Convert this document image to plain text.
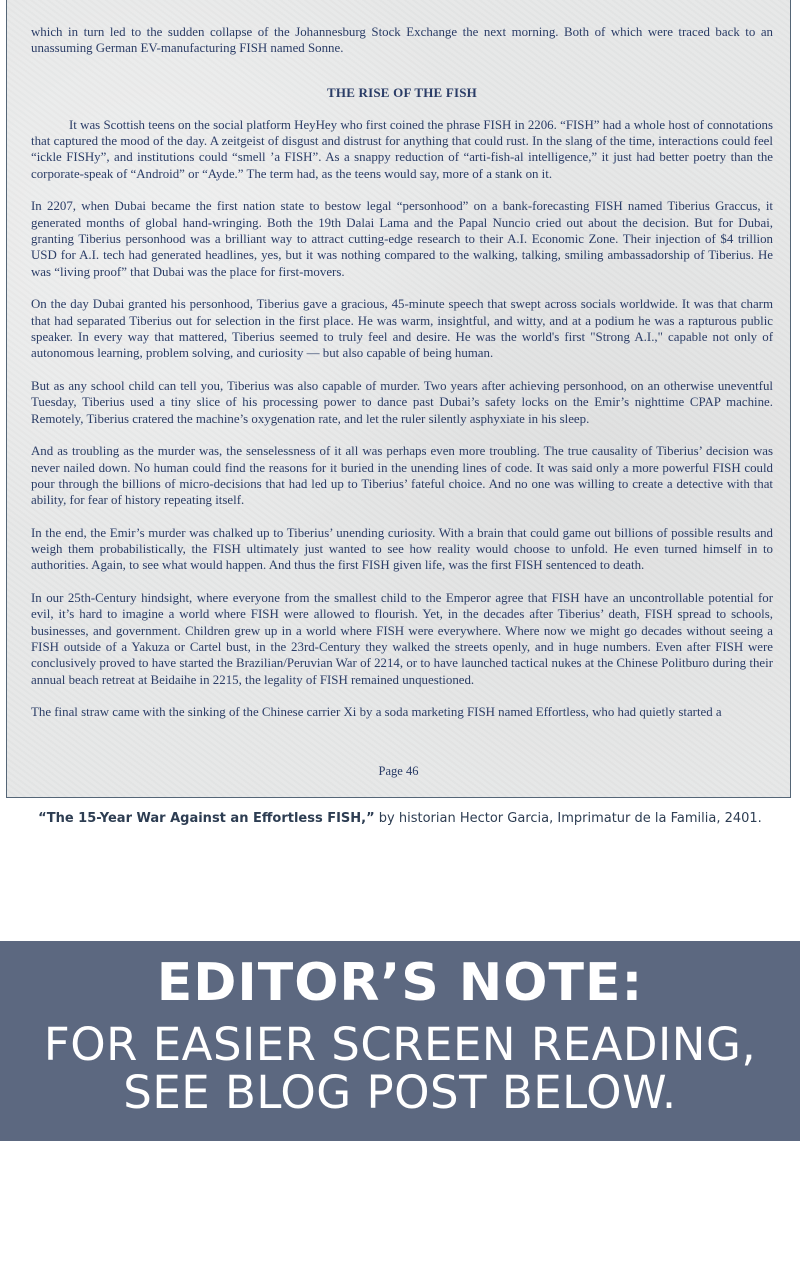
which in turn led to the sudden collapse of the Johannesburg Stock Exchange the next morning. Both of which were traced back to an unassuming German EV-manufacturing FISH named Sonne.

THE RISE OF THE FISH

It was Scottish teens on the social platform HeyHey who first coined the phrase FISH in 2206. “FISH” had a whole host of connotations that captured the mood of the day. A zeitgeist of disgust and distrust for anything that could rust. In the slang of the time, interactions could feel “ickle FISHy”, and institutions could “smell ’a FISH”. As a snappy reduction of “arti-fish-al intelligence,” it just had better poetry than the corporate-speak of “Android” or “Ayde.” The term had, as the teens would say, more of a stank on it.

In 2207, when Dubai became the first nation state to bestow legal “personhood” on a bank-forecasting FISH named Tiberius Graccus, it generated months of global hand-wringing. Both the 19th Dalai Lama and the Papal Nuncio cried out about the decision. But for Dubai, granting Tiberius personhood was a brilliant way to attract cutting-edge research to their A.I. Economic Zone. Their injection of $4 trillion USD for A.I. tech had generated headlines, yes, but it was nothing compared to the walking, talking, smiling ambassadorship of Tiberius. He was “living proof” that Dubai was the place for first-movers.

On the day Dubai granted his personhood, Tiberius gave a gracious, 45-minute speech that swept across socials worldwide. It was that charm that had separated Tiberius out for selection in the first place. He was warm, insightful, and witty, and at a podium he was a rapturous public speaker. In every way that mattered, Tiberius seemed to truly feel and desire. He was the world's first "Strong A.I.," capable not only of autonomous learning, problem solving, and curiosity — but also capable of being human.

But as any school child can tell you, Tiberius was also capable of murder. Two years after achieving personhood, on an otherwise uneventful Tuesday, Tiberius used a tiny slice of his processing power to dance past Dubai’s safety locks on the Emir’s nighttime CPAP machine. Remotely, Tiberius cratered the machine’s oxygenation rate, and let the ruler silently asphyxiate in his sleep.

And as troubling as the murder was, the senselessness of it all was perhaps even more troubling. The true causality of Tiberius’ decision was never nailed down. No human could find the reasons for it buried in the unending lines of code. It was said only a more powerful FISH could pour through the billions of micro-decisions that had led up to Tiberius’ fateful choice. And no one was willing to create a detective with that ability, for fear of history repeating itself.

In the end, the Emir’s murder was chalked up to Tiberius’ unending curiosity. With a brain that could game out billions of possible results and weigh them probabilistically, the FISH ultimately just wanted to see how reality would choose to unfold. He even turned himself in to authorities. Again, to see what would happen. And thus the first FISH given life, was the first FISH sentenced to death.

In our 25th-Century hindsight, where everyone from the smallest child to the Emperor agree that FISH have an uncontrollable potential for evil, it’s hard to imagine a world where FISH were allowed to flourish. Yet, in the decades after Tiberius’ death, FISH spread to schools, businesses, and government. Children grew up in a world where FISH were everywhere. Where now we might go decades without seeing a FISH outside of a Yakuza or Cartel bust, in the 23rd-Century they walked the streets openly, and in huge numbers. Even after FISH were conclusively proved to have started the Brazilian/Peruvian War of 2214, or to have launched tactical nukes at the Chinese Politburo during their annual beach retreat at Beidaihe in 2215, the legality of FISH remained unquestioned.

The final straw came with the sinking of the Chinese carrier Xi by a soda marketing FISH named Effortless, who had quietly started a

Page 46
“The 15-Year War Against an Effortless FISH,” by historian Hector Garcia, Imprimatur de la Familia, 2401.
EDITOR’S NOTE:
FOR EASIER SCREEN READING,
SEE BLOG POST BELOW.
